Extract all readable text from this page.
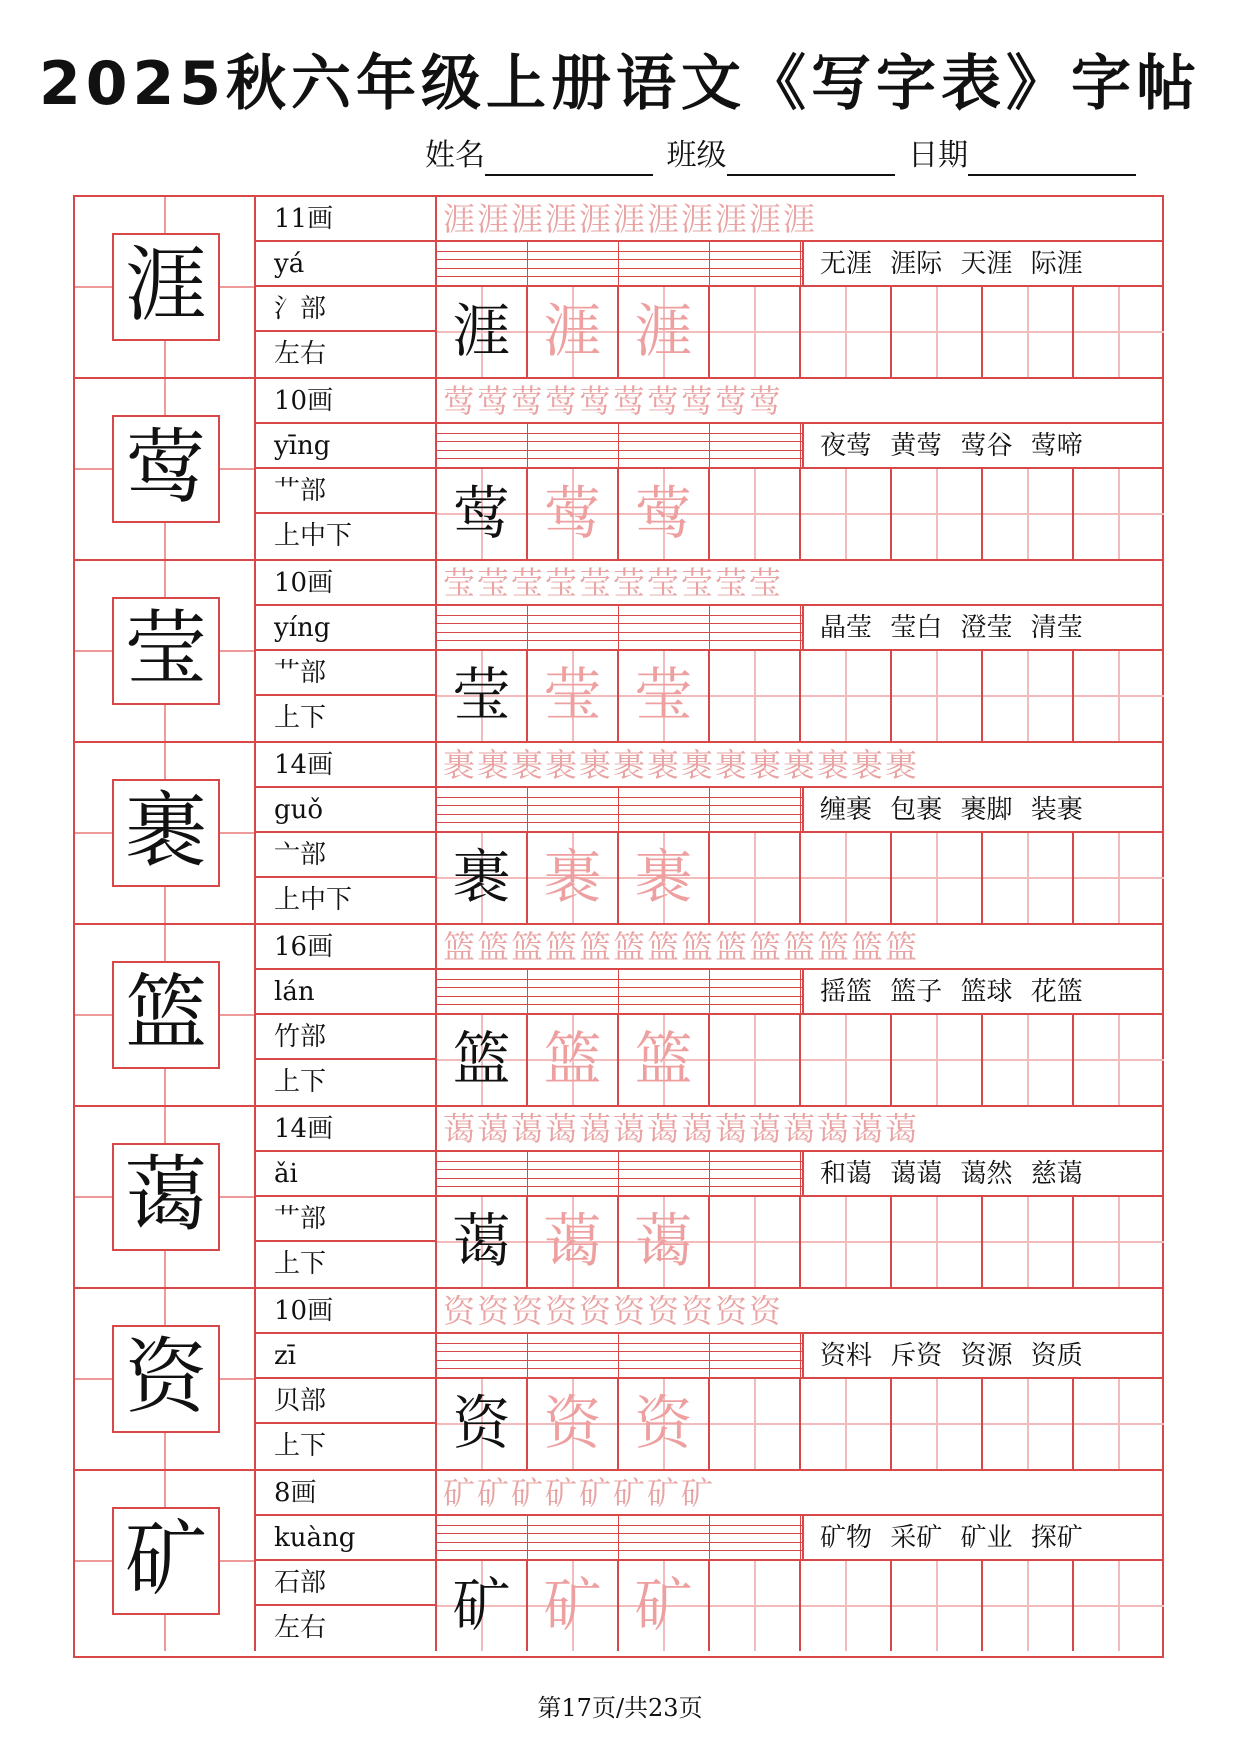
2025秋六年级上册语文《写字表》字帖
姓名	班级	日期
涯
11画
yá
氵部
左右
涯涯涯涯涯涯涯涯涯涯涯
无涯 涯际 天涯 际涯
涯 涯 涯
莺
10画
yīng
艹部
上中下
莺莺莺莺莺莺莺莺莺莺
夜莺 黄莺 莺谷 莺啼
莺 莺 莺
莹
10画
yíng
艹部
上下
莹莹莹莹莹莹莹莹莹莹
晶莹 莹白 澄莹 清莹
莹 莹 莹
裹
14画
guǒ
亠部
上中下
裹裹裹裹裹裹裹裹裹裹裹裹裹裹
缠裹 包裹 裹脚 装裹
裹 裹 裹
篮
16画
lán
竹部
上下
篮篮篮篮篮篮篮篮篮篮篮篮篮篮
摇篮 篮子 篮球 花篮
篮 篮 篮
蔼
14画
ǎi
艹部
上下
蔼蔼蔼蔼蔼蔼蔼蔼蔼蔼蔼蔼蔼蔼
和蔼 蔼蔼 蔼然 慈蔼
蔼 蔼 蔼
资
10画
zī
贝部
上下
资资资资资资资资资资
资料 斥资 资源 资质
资 资 资
矿
8画
kuàng
石部
左右
矿矿矿矿矿矿矿矿
矿物 采矿 矿业 探矿
矿 矿 矿
第17页/共23页
